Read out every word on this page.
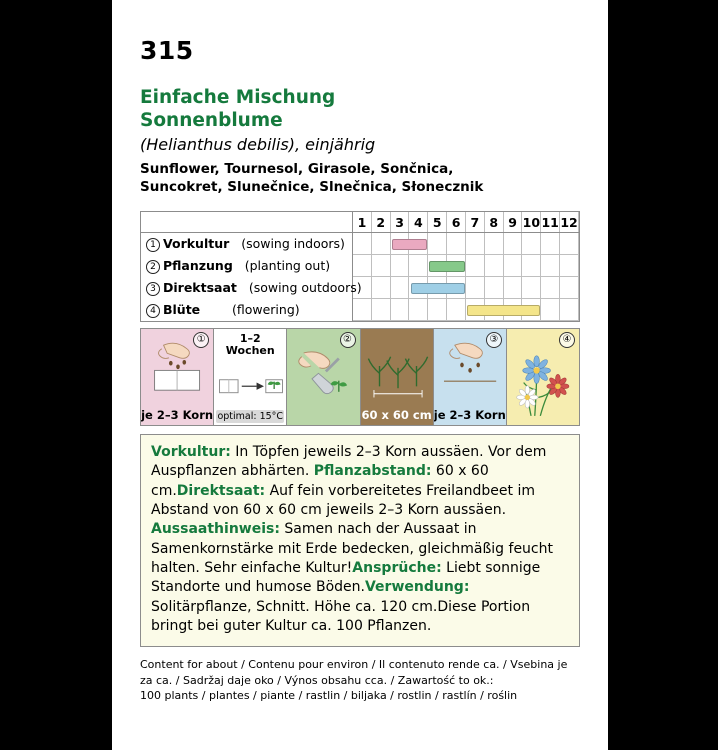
315
Einfache Mischung
Sonnenblume
(Helianthus debilis), einjährig
Sunflower, Tournesol, Girasole, Sončnica,
Suncokret, Slunečnice, Slnečnica, Słonecznik
	1	2	3	4	5	6	7	8	9	10	11	12
1 Vorkultur (sowing indoors)												
2 Pflanzung (planting out)												
3 Direktsaat (sowing outdoors)												
4 Blüte (flowering)												
①
je 2–3 Korn
1–2
Wochen
optimal: 15°C
②
60 x 60 cm
③
je 2–3 Korn
④
Vorkultur: In Töpfen jeweils 2–3 Korn aussäen. Vor dem Auspflanzen abhärten. Pflanzabstand: 60 x 60 cm.Direktsaat: Auf fein vorbereitetes Freilandbeet im Abstand von 60 x 60 cm jeweils 2–3 Korn aussäen. Aussaathinweis: Samen nach der Aussaat in Samenkornstärke mit Erde bedecken, gleichmäßig feucht halten. Sehr einfache Kultur!Ansprüche: Liebt sonnige Standorte und humose Böden.Verwendung: Solitärpflanze, Schnitt. Höhe ca. 120 cm.Diese Portion bringt bei guter Kultur ca. 100 Pflanzen.
Content for about / Contenu pour environ / Il contenuto rende ca. / Vsebina je
za ca. / Sadržaj daje oko / Výnos obsahu cca. / Zawartość to ok.:
100 plants / plantes / piante / rastlin / biljaka / rostlin / rastlín / roślin
